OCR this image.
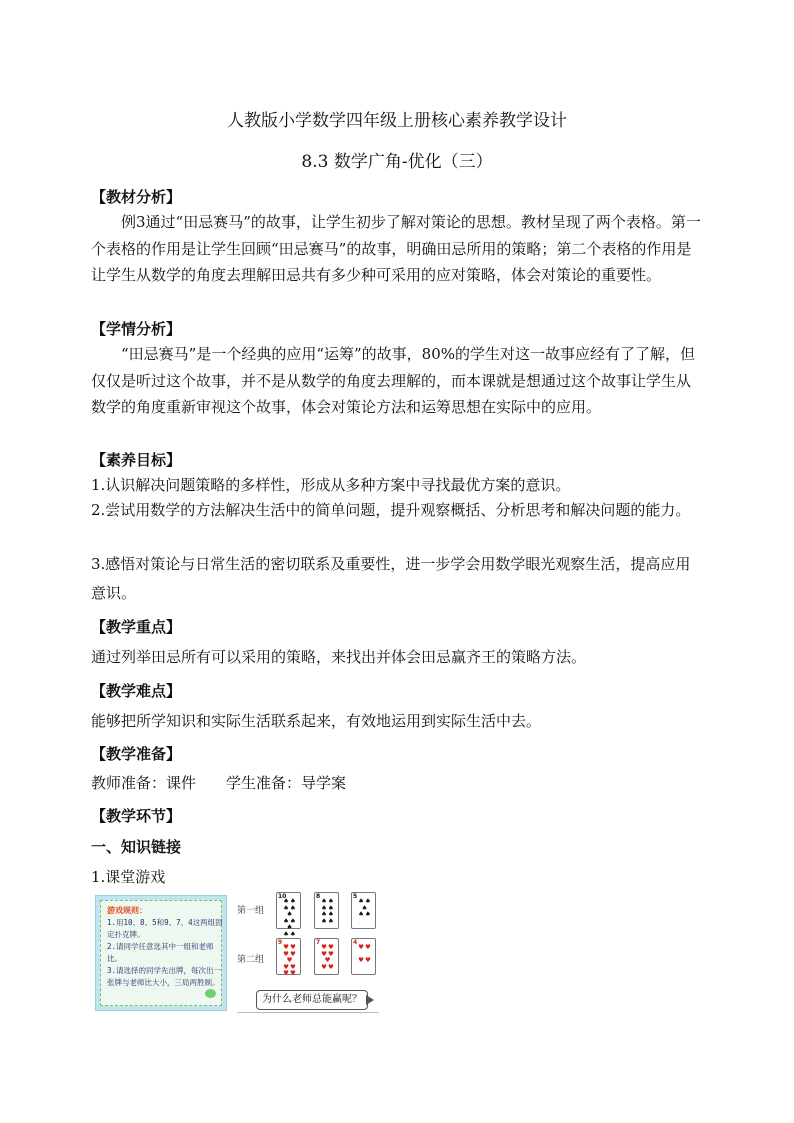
人教版小学数学四年级上册核心素养教学设计
8.3 数学广角-优化（三）
【教材分析】
例3通过“田忌赛马”的故事，让学生初步了解对策论的思想。教材呈现了两个表格。第一个表格的作用是让学生回顾“田忌赛马”的故事，明确田忌所用的策略；第二个表格的作用是让学生从数学的角度去理解田忌共有多少种可采用的应对策略，体会对策论的重要性。
【学情分析】
“田忌赛马”是一个经典的应用“运筹”的故事，80%的学生对这一故事应经有了了解，但仅仅是听过这个故事，并不是从数学的角度去理解的，而本课就是想通过这个故事让学生从数学的角度重新审视这个故事，体会对策论方法和运筹思想在实际中的应用。
【素养目标】
1.认识解决问题策略的多样性，形成从多种方案中寻找最优方案的意识。
2.尝试用数学的方法解决生活中的简单问题，提升观察概括、分析思考和解决问题的能力。
3.感悟对策论与日常生活的密切联系及重要性，进一步学会用数学眼光观察生活，提高应用意识。
【教学重点】
通过列举田忌所有可以采用的策略，来找出并体会田忌赢齐王的策略方法。
【教学难点】
能够把所学知识和实际生活联系起来，有效地运用到实际生活中去。
【教学准备】
教师准备：课件 学生准备：导学案
【教学环节】
一、知识链接
1.课堂游戏
游戏规则：
1.用10、8、5和9、7、4这两组固定扑克牌。
2.请同学任意选其中一组和老师比。
3.请选择的同学先出牌，每次出一张牌与老师比大小，三局两胜制。
第一组
第二组
10
♠ ♠
♠ ♠ ♠
♠ ♠ ♠
♠ ♠
8
♠ ♠
♠ ♠
♠ ♠
♠ ♠
5
♠ ♠
♠
♠ ♠
9
♥ ♥
♥ ♥ ♥
♥ ♥
♥ ♥
7
♥ ♥
♥ ♥ ♥
♥ ♥
4
♥ ♥

♥ ♥
为什么老师总能赢呢？
